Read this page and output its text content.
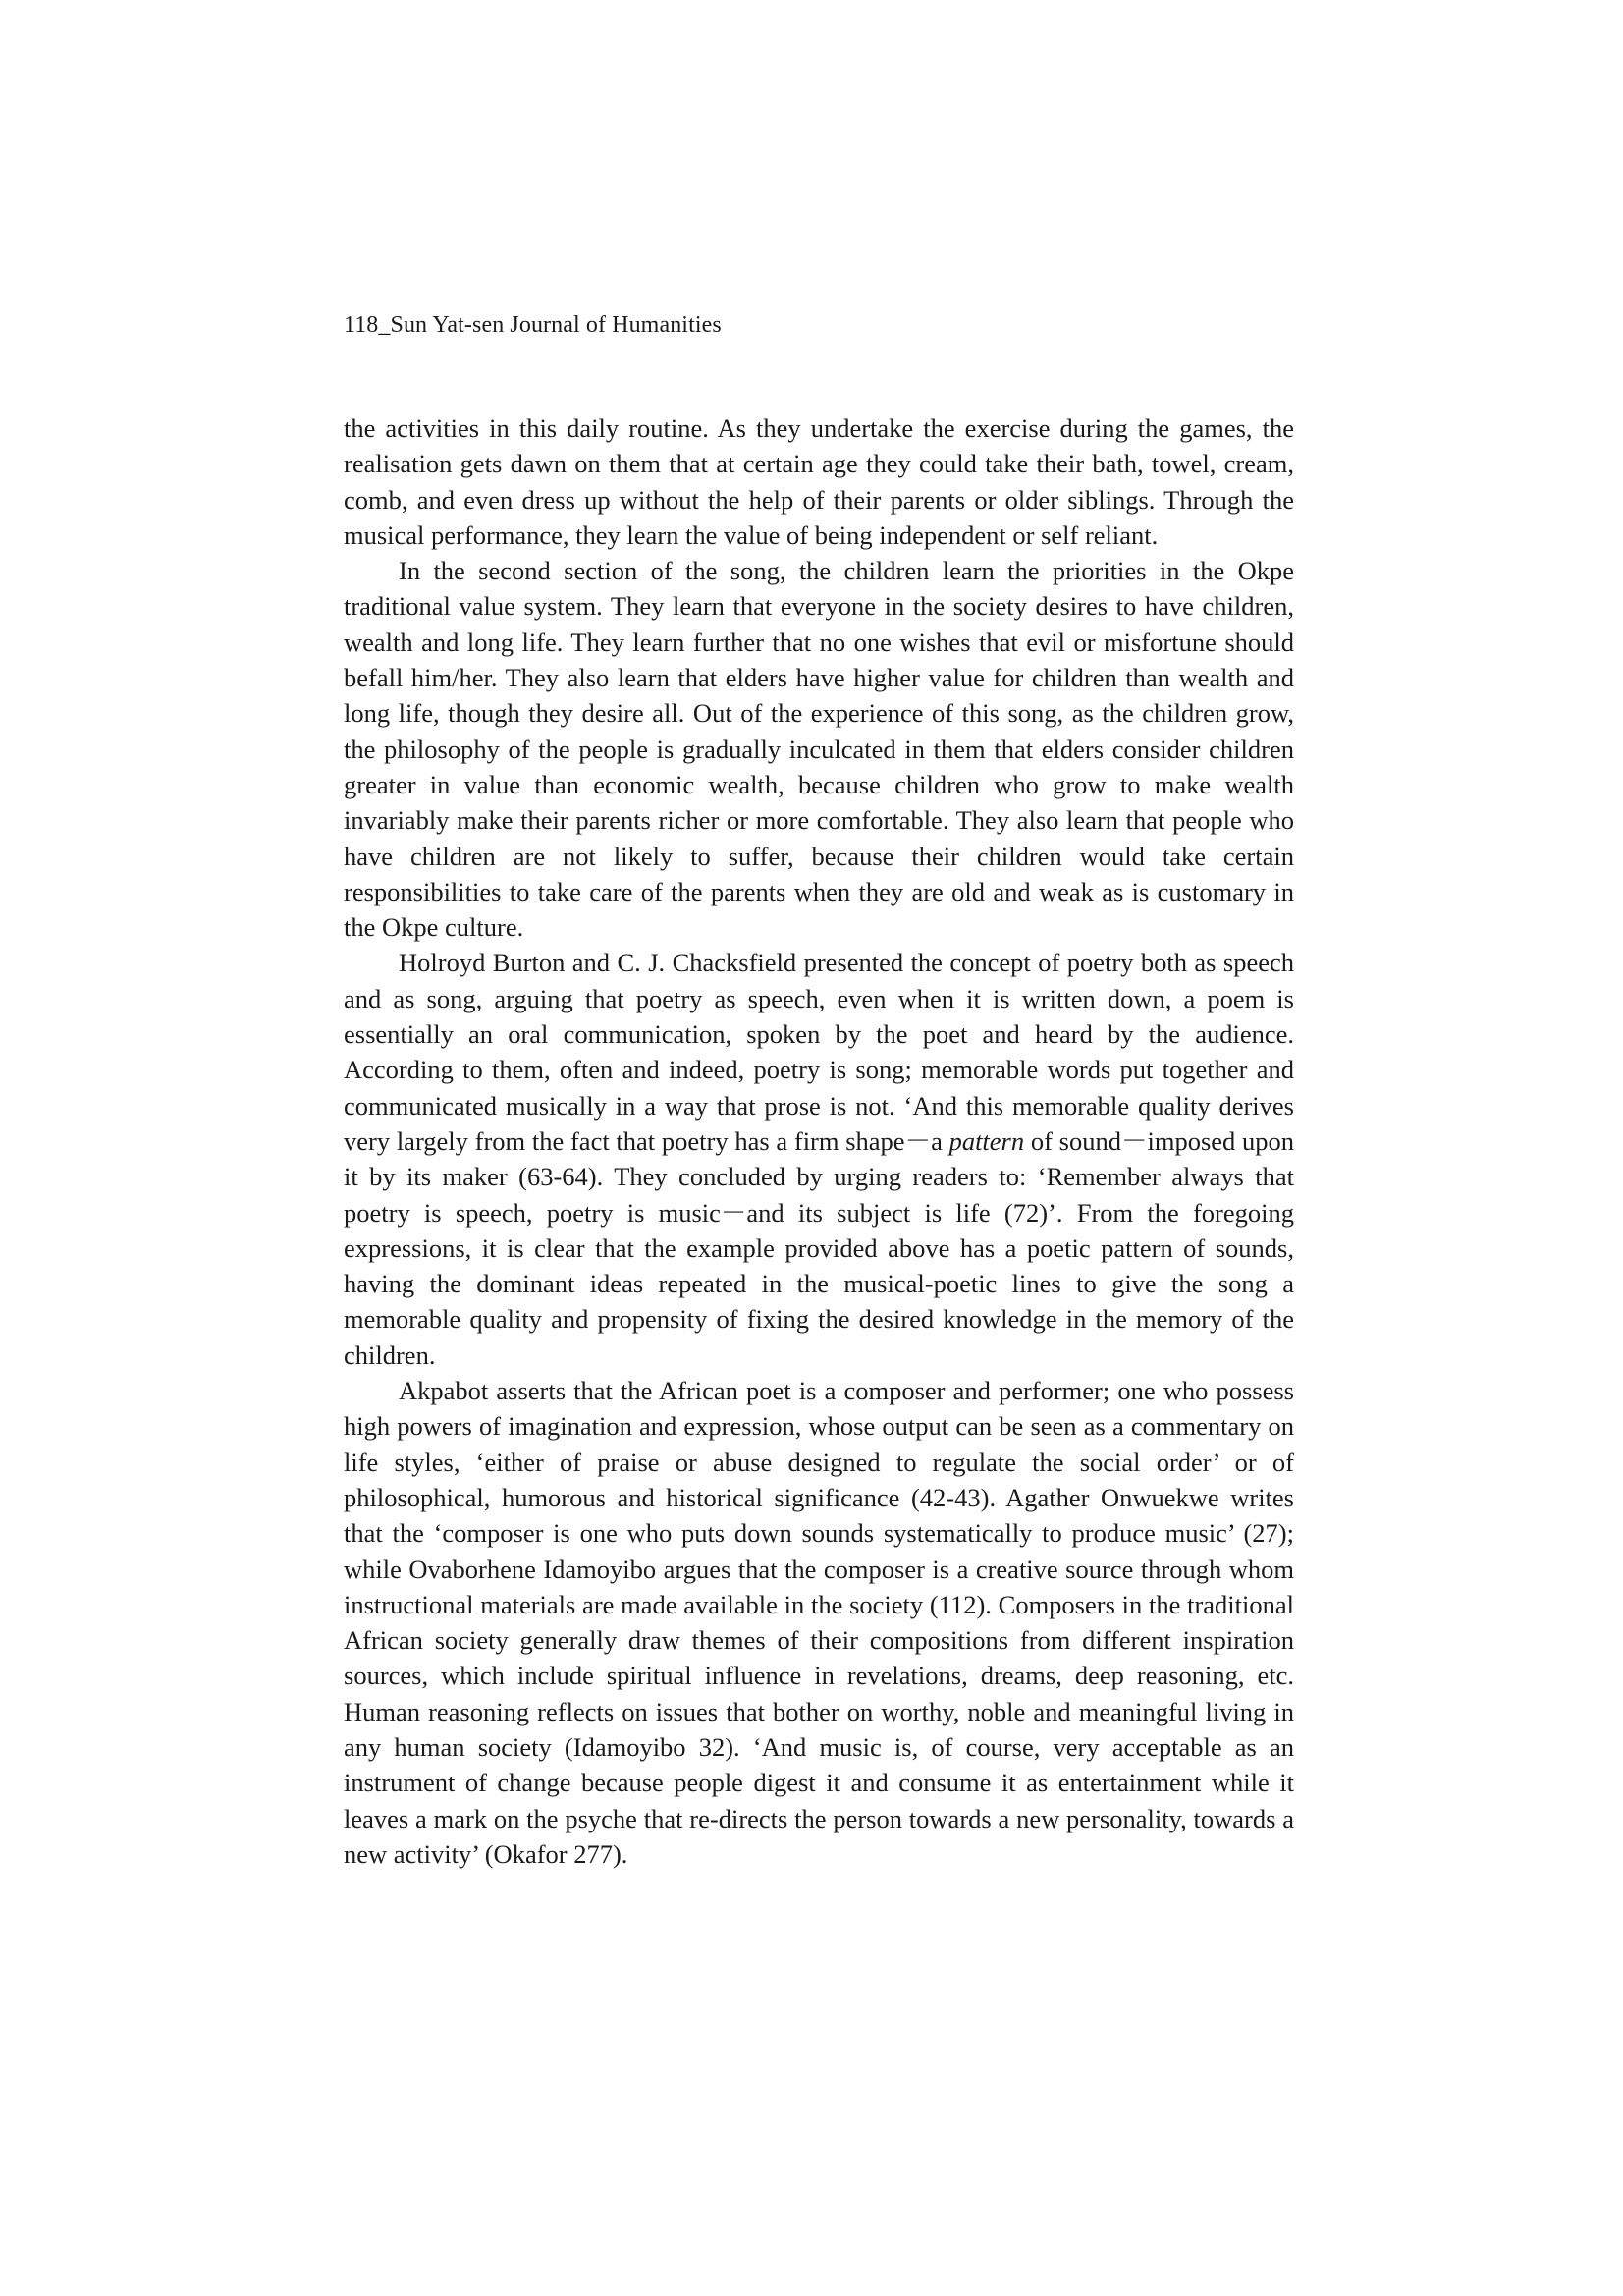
118_Sun Yat-sen Journal of Humanities

the activities in this daily routine. As they undertake the exercise during the games, the realisation gets dawn on them that at certain age they could take their bath, towel, cream, comb, and even dress up without the help of their parents or older siblings. Through the musical performance, they learn the value of being independent or self reliant.

In the second section of the song, the children learn the priorities in the Okpe traditional value system. They learn that everyone in the society desires to have children, wealth and long life. They learn further that no one wishes that evil or misfortune should befall him/her. They also learn that elders have higher value for children than wealth and long life, though they desire all. Out of the experience of this song, as the children grow, the philosophy of the people is gradually inculcated in them that elders consider children greater in value than economic wealth, because children who grow to make wealth invariably make their parents richer or more comfortable. They also learn that people who have children are not likely to suffer, because their children would take certain responsibilities to take care of the parents when they are old and weak as is customary in the Okpe culture.

Holroyd Burton and C. J. Chacksfield presented the concept of poetry both as speech and as song, arguing that poetry as speech, even when it is written down, a poem is essentially an oral communication, spoken by the poet and heard by the audience. According to them, often and indeed, poetry is song; memorable words put together and communicated musically in a way that prose is not. ‘And this memorable quality derives very largely from the fact that poetry has a firm shape－a pattern of sound－imposed upon it by its maker (63-64). They concluded by urging readers to: ‘Remember always that poetry is speech, poetry is music－and its subject is life (72)’. From the foregoing expressions, it is clear that the example provided above has a poetic pattern of sounds, having the dominant ideas repeated in the musical-poetic lines to give the song a memorable quality and propensity of fixing the desired knowledge in the memory of the children.

Akpabot asserts that the African poet is a composer and performer; one who possess high powers of imagination and expression, whose output can be seen as a commentary on life styles, ‘either of praise or abuse designed to regulate the social order’ or of philosophical, humorous and historical significance (42-43). Agather Onwuekwe writes that the ‘composer is one who puts down sounds systematically to produce music’ (27); while Ovaborhene Idamoyibo argues that the composer is a creative source through whom instructional materials are made available in the society (112). Composers in the traditional African society generally draw themes of their compositions from different inspiration sources, which include spiritual influence in revelations, dreams, deep reasoning, etc. Human reasoning reflects on issues that bother on worthy, noble and meaningful living in any human society (Idamoyibo 32). ‘And music is, of course, very acceptable as an instrument of change because people digest it and consume it as entertainment while it leaves a mark on the psyche that re-directs the person towards a new personality, towards a new activity’ (Okafor 277).
